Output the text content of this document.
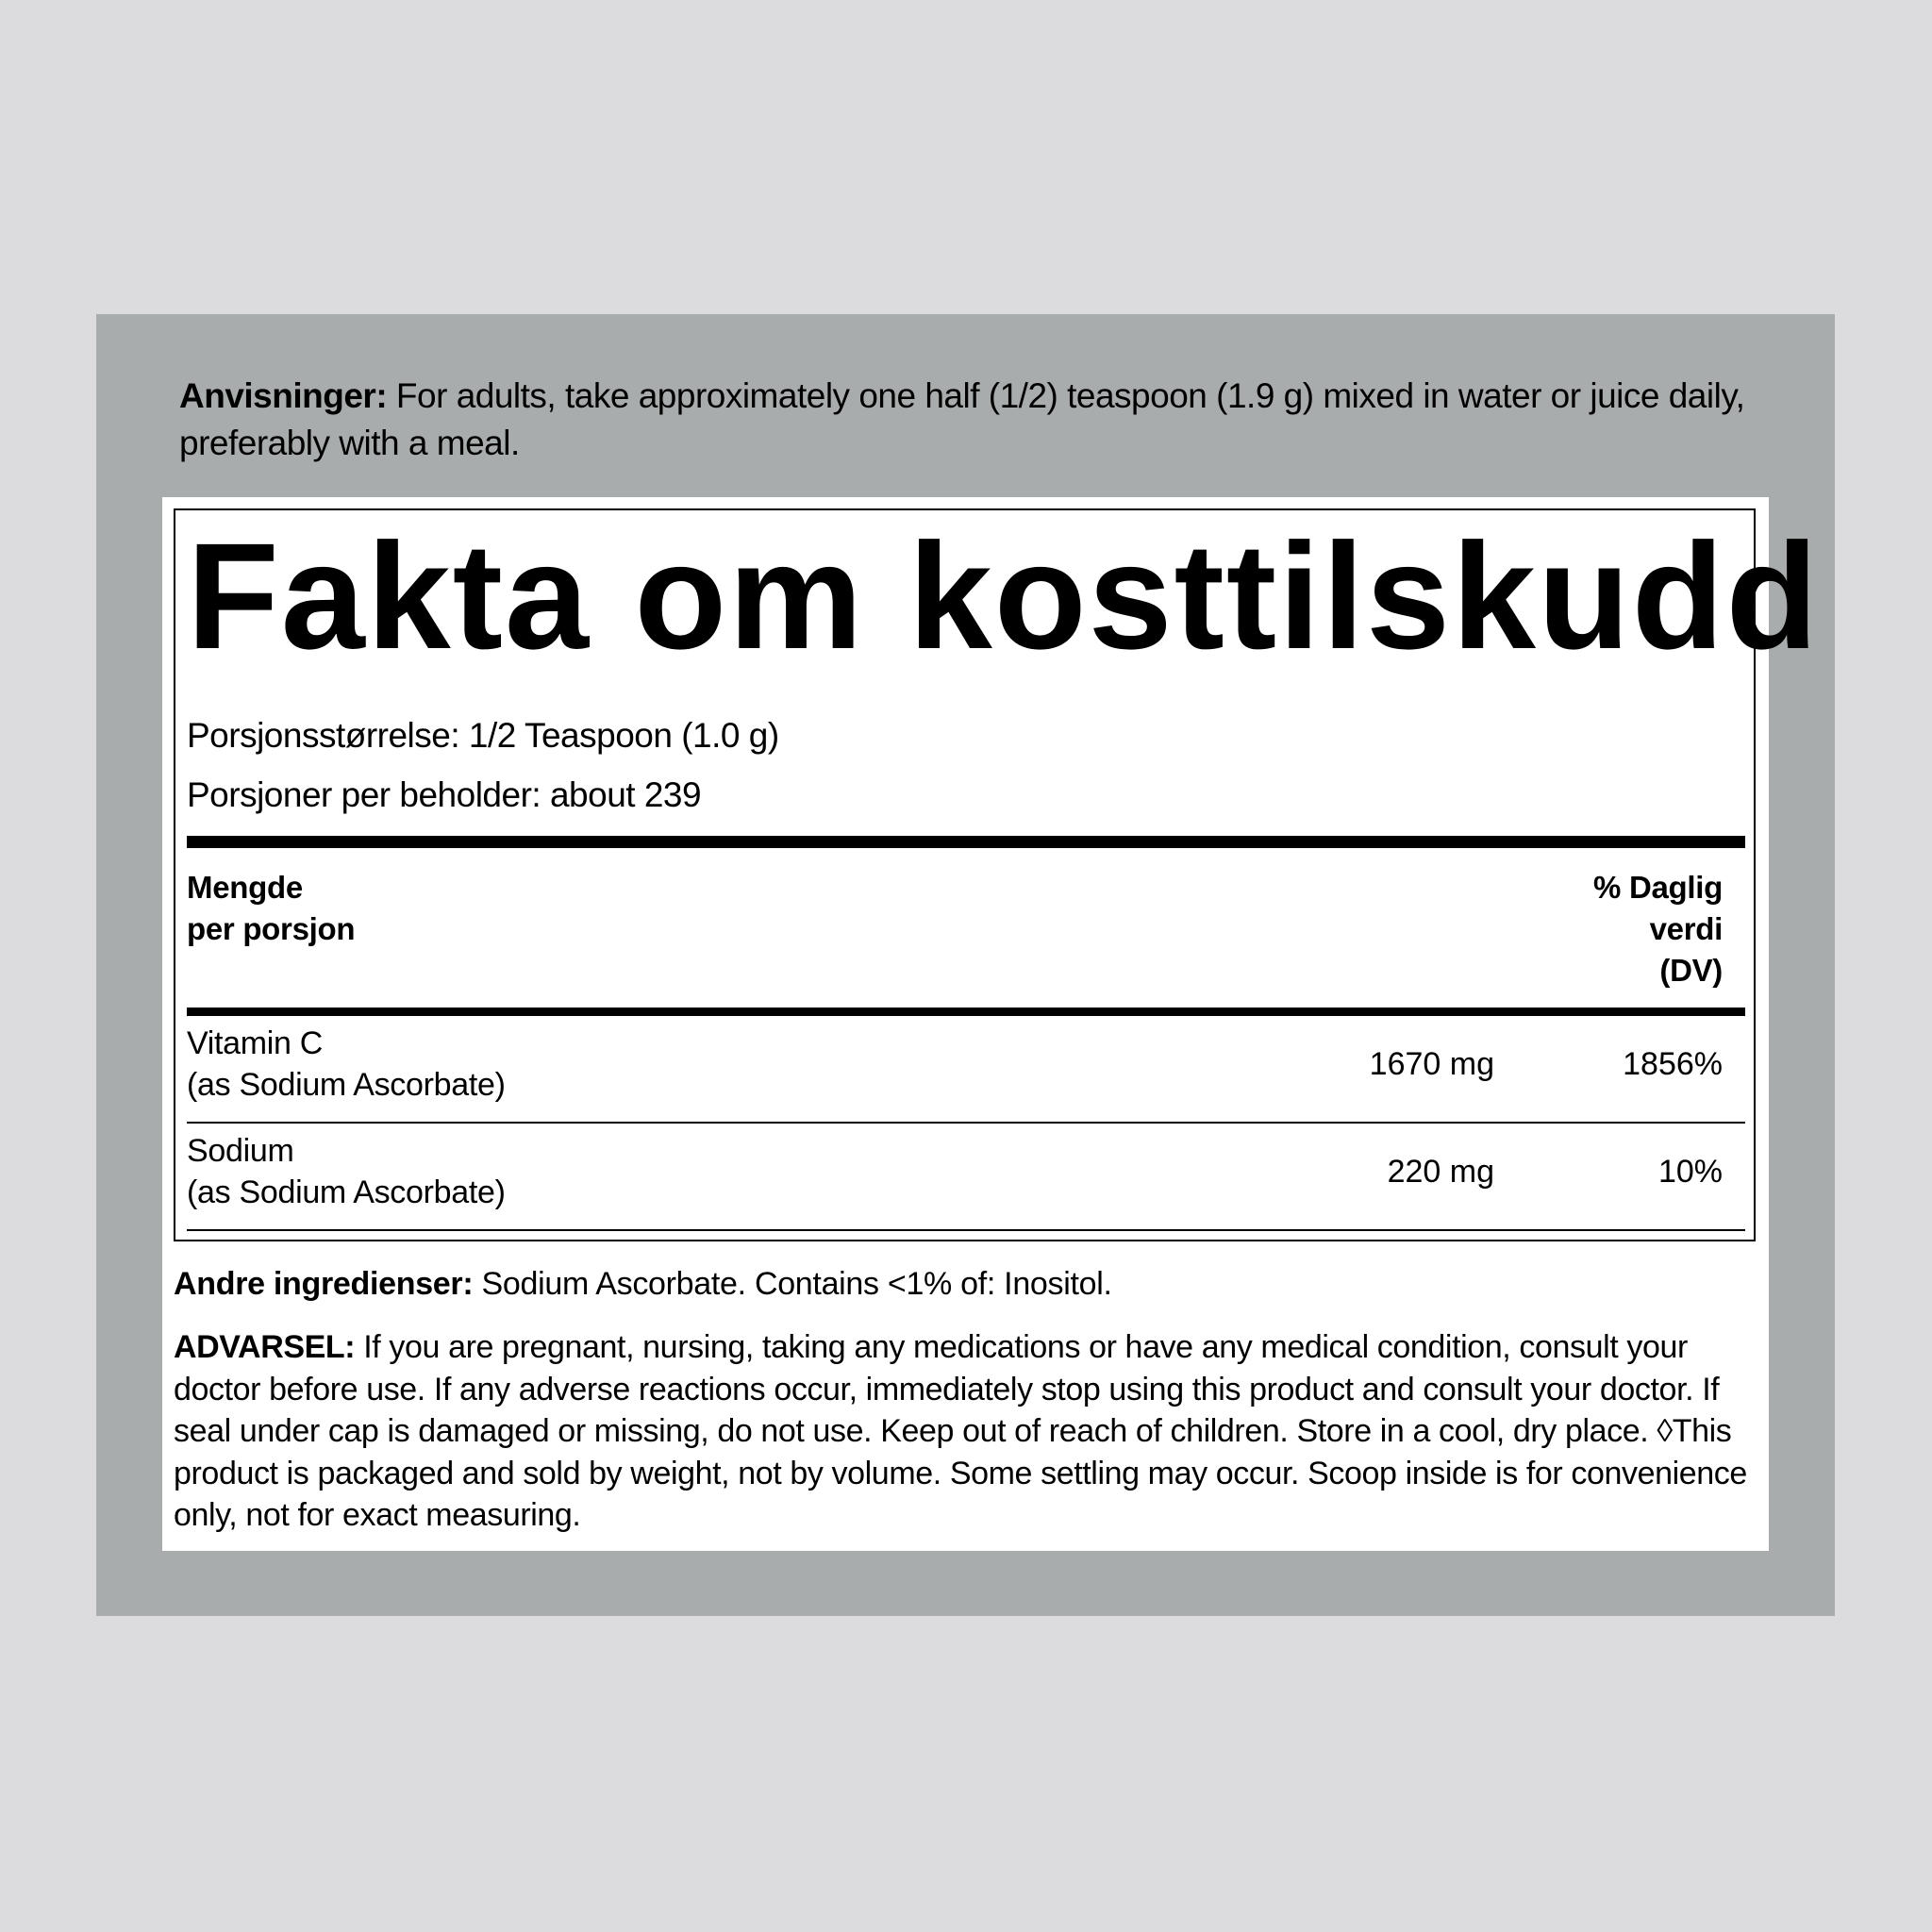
Anvisninger: For adults, take approximately one half (1/2) teaspoon (1.9 g) mixed in water or juice daily, preferably with a meal.
Fakta om kosttilskudd
Porsjonsstørrelse: 1/2 Teaspoon (1.0 g)
Porsjoner per beholder: about 239
Mengde
per porsjon
% Daglig
verdi
(DV)
Vitamin C
(as Sodium Ascorbate)
1670 mg	1856%
Sodium
(as Sodium Ascorbate)
220 mg	10%
Andre ingredienser: Sodium Ascorbate. Contains <1% of: Inositol.
ADVARSEL: If you are pregnant, nursing, taking any medications or have any medical condition, consult your doctor before use. If any adverse reactions occur, immediately stop using this product and consult your doctor. If seal under cap is damaged or missing, do not use. Keep out of reach of children. Store in a cool, dry place. ◊This product is packaged and sold by weight, not by volume. Some settling may occur. Scoop inside is for convenience only, not for exact measuring.
